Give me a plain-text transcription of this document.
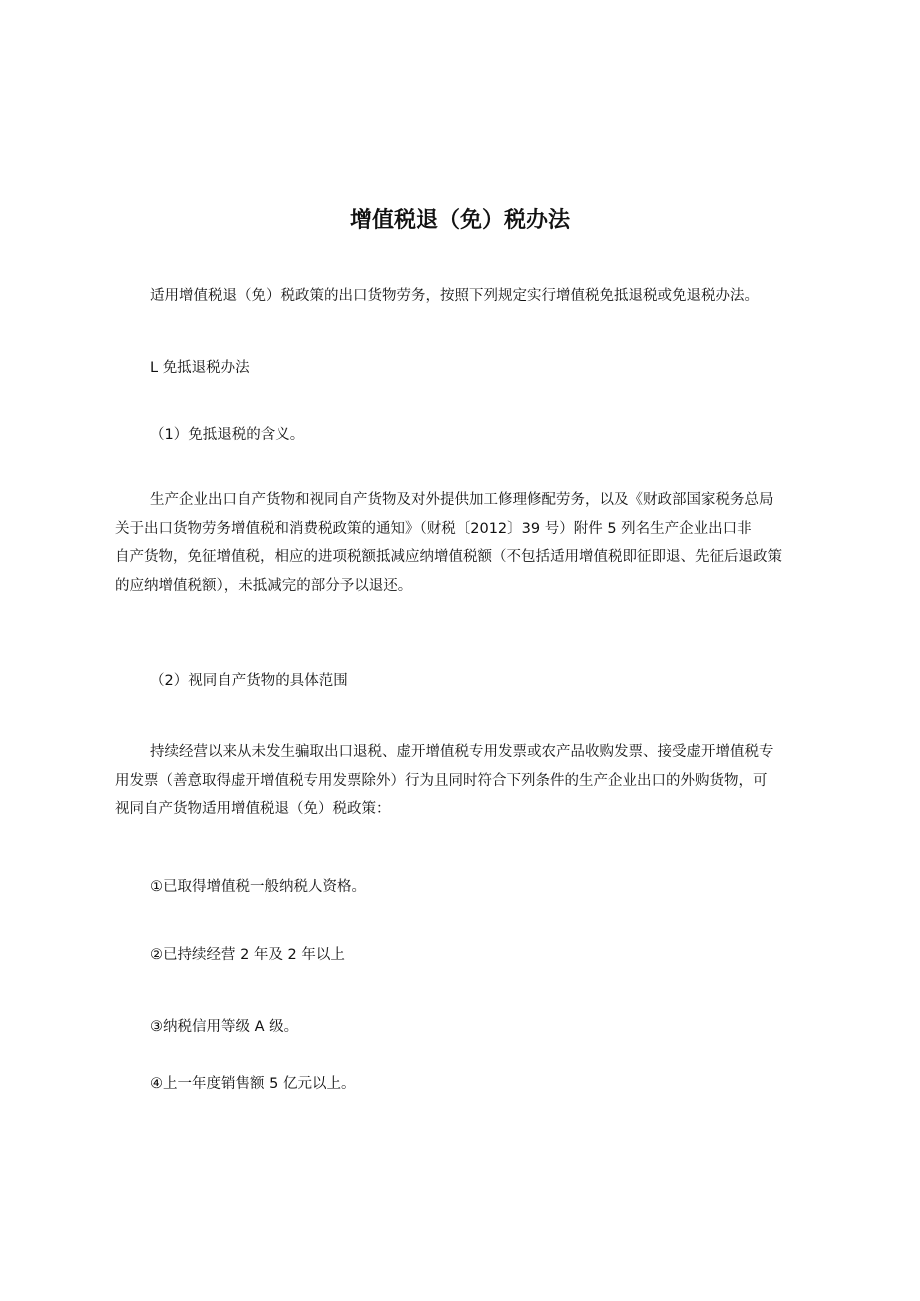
增值税退（免）税办法

适用增值税退（免）税政策的出口货物劳务，按照下列规定实行增值税免抵退税或免退税办法。

L 免抵退税办法

（1）免抵退税的含义。

生产企业出口自产货物和视同自产货物及对外提供加工修理修配劳务，以及《财政部国家税务总局
关于出口货物劳务增值税和消费税政策的通知》（财税〔2012〕39 号）附件 5 列名生产企业出口非
自产货物，免征增值税，相应的进项税额抵减应纳增值税额（不包括适用增值税即征即退、先征后退政策
的应纳增值税额），未抵减完的部分予以退还。

（2）视同自产货物的具体范围

持续经营以来从未发生骗取出口退税、虚开增值税专用发票或农产品收购发票、接受虚开增值税专
用发票（善意取得虚开增值税专用发票除外）行为且同时符合下列条件的生产企业出口的外购货物，可
视同自产货物适用增值税退（免）税政策：

①已取得增值税一般纳税人资格。

②已持续经营 2 年及 2 年以上

③纳税信用等级 A 级。

④上一年度销售额 5 亿元以上。
